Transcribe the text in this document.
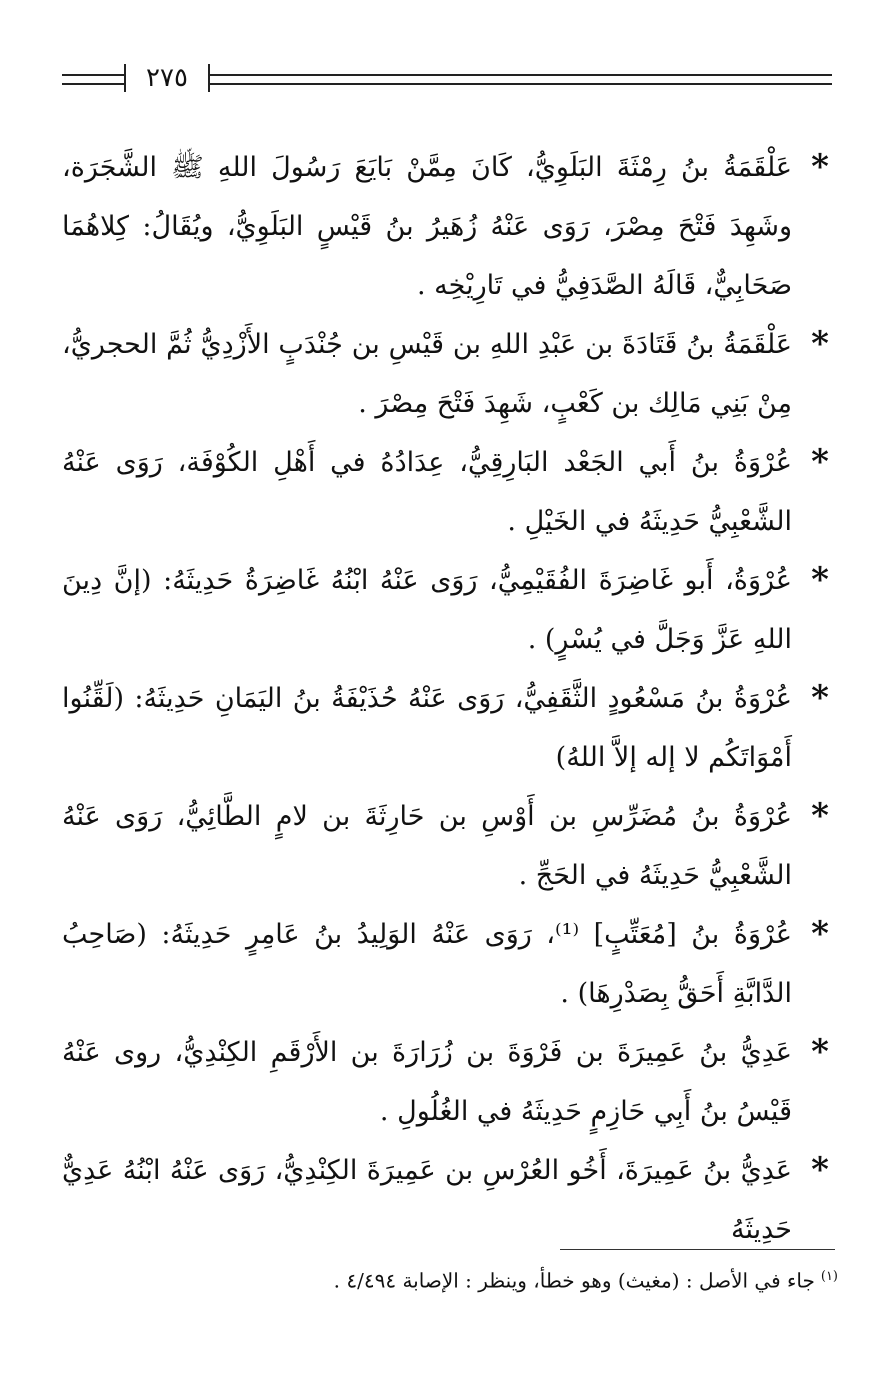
٢٧٥

*
عَلْقَمَةُ بنُ رِمْثَةَ البَلَوِيُّ، كَانَ مِمَّنْ بَايَعَ رَسُولَ اللهِ ﷺ الشَّجَرَة، وشَهِدَ فَتْحَ مِصْرَ، رَوَى عَنْهُ زُهَيرُ بنُ قَيْسٍ البَلَوِيُّ، ويُقَالُ: كِلاهُمَا صَحَابِيٌّ، قَالَهُ الصَّدَفِيُّ في تَارِيْخِه .

*
عَلْقَمَةُ بنُ قَتَادَةَ بن عَبْدِ اللهِ بن قَيْسِ بن جُنْدَبٍ الأَزْدِيُّ ثُمَّ الحجريُّ، مِنْ بَنِي مَالِك بن كَعْبٍ، شَهِدَ فَتْحَ مِصْرَ .

*
عُرْوَةُ بنُ أَبي الجَعْد البَارِقِيُّ، عِدَادُهُ في أَهْلِ الكُوْفَة، رَوَى عَنْهُ الشَّعْبِيُّ حَدِيثَهُ في الخَيْلِ .

*
عُرْوَةُ، أَبو غَاضِرَةَ الفُقَيْمِيُّ، رَوَى عَنْهُ ابْنُهُ غَاضِرَةُ حَدِيثَهُ: (إنَّ دِينَ اللهِ عَزَّ وَجَلَّ في يُسْرٍ) .

*
عُرْوَةُ بنُ مَسْعُودٍ الثَّقَفِيُّ، رَوَى عَنْهُ حُذَيْفَةُ بنُ اليَمَانِ حَدِيثَهُ: (لَقِّنُوا أَمْوَاتَكُم لا إله إلاَّ اللهُ)

*
عُرْوَةُ بنُ مُضَرِّسِ بن أَوْسِ بن حَارِثَةَ بن لامٍ الطَّائِيُّ، رَوَى عَنْهُ الشَّعْبِيُّ حَدِيثَهُ في الحَجِّ .

*
عُرْوَةُ بنُ [مُعَتِّبٍ] ⁽¹⁾، رَوَى عَنْهُ الوَلِيدُ بنُ عَامِرٍ حَدِيثَهُ: (صَاحِبُ الدَّابَّةِ أَحَقُّ بِصَدْرِهَا) .

*
عَدِيُّ بنُ عَمِيرَةَ بن فَرْوَةَ بن زُرَارَةَ بن الأَرْقَمِ الكِنْدِيُّ، روى عَنْهُ قَيْسُ بنُ أَبِي حَازِمٍ حَدِيثَهُ في الغُلُولِ .

*
عَدِيُّ بنُ عَمِيرَةَ، أَخُو العُرْسِ بن عَمِيرَةَ الكِنْدِيُّ، رَوَى عَنْهُ ابْنُهُ عَدِيٌّ حَدِيثَهُ

$^{(١)}$جاء في الأصل : (مغيث) وهو خطأ، وينظر : الإصابة ٤/٤٩٤ .
